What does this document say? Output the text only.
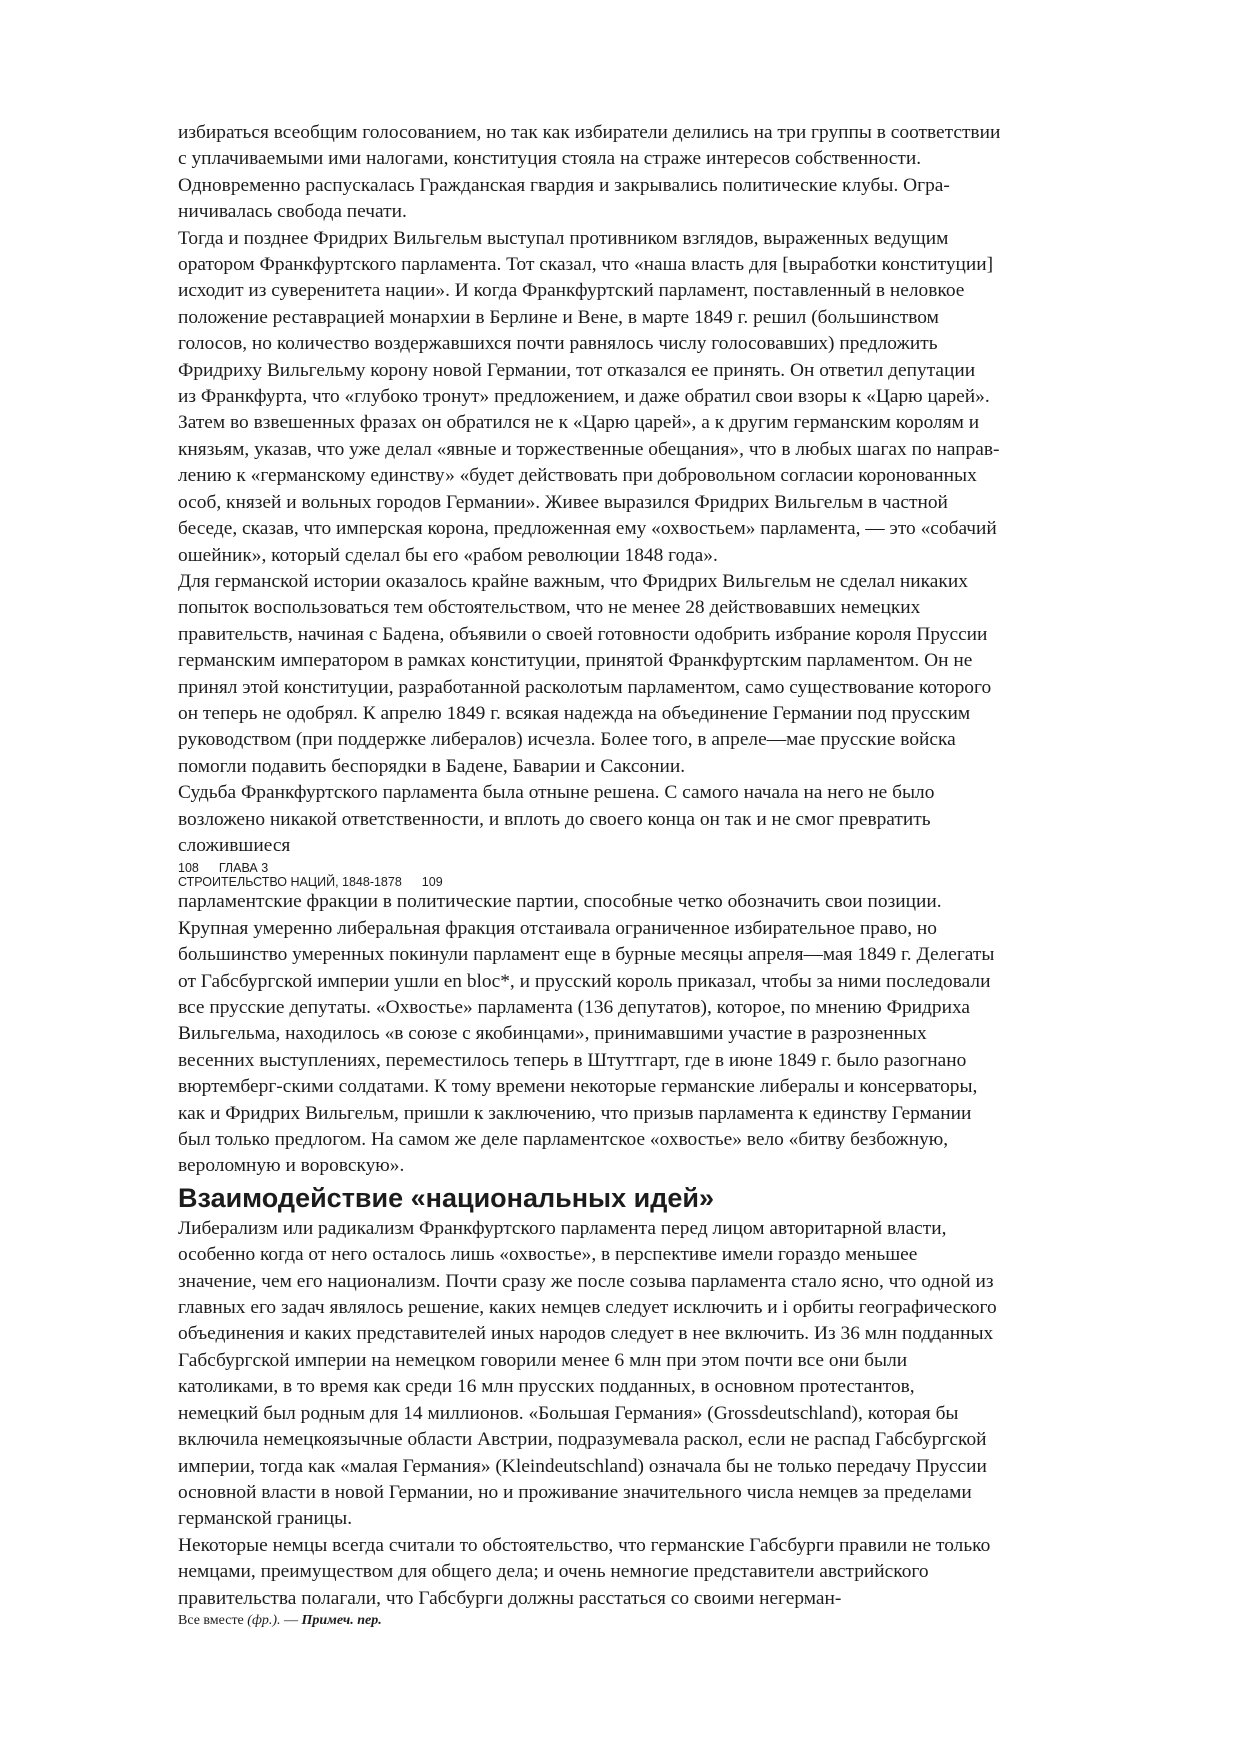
избираться всеобщим голосованием, но так как избиратели делились на три группы в соответствии
с уплачиваемыми ими налогами, конституция стояла на страже интересов собственности.
Одновременно распускалась Гражданская гвардия и закрывались политические клубы. Огра-
ничивалась свобода печати.
Тогда и позднее Фридрих Вильгельм выступал противником взглядов, выраженных ведущим
оратором Франкфуртского парламента. Тот сказал, что «наша власть для [выработки конституции]
исходит из суверенитета нации». И когда Франкфуртский парламент, поставленный в неловкое
положение реставрацией монархии в Берлине и Вене, в марте 1849 г. решил (большинством
голосов, но количество воздержавшихся почти равнялось числу голосовавших) предложить
Фридриху Вильгельму корону новой Германии, тот отказался ее принять. Он ответил депутации
из Франкфурта, что «глубоко тронут» предложением, и даже обратил свои взоры к «Царю царей».
Затем во взвешенных фразах он обратился не к «Царю царей», а к другим германским королям и
князьям, указав, что уже делал «явные и торжественные обещания», что в любых шагах по направ-
лению к «германскому единству» «будет действовать при добровольном согласии коронованных
особ, князей и вольных городов Германии». Живее выразился Фридрих Вильгельм в частной
беседе, сказав, что имперская корона, предложенная ему «охвостьем» парламента, — это «собачий
ошейник», который сделал бы его «рабом революции 1848 года».
Для германской истории оказалось крайне важным, что Фридрих Вильгельм не сделал никаких
попыток воспользоваться тем обстоятельством, что не менее 28 действовавших немецких
правительств, начиная с Бадена, объявили о своей готовности одобрить избрание короля Пруссии
германским императором в рамках конституции, принятой Франкфуртским парламентом. Он не
принял этой конституции, разработанной расколотым парламентом, само существование которого
он теперь не одобрял. К апрелю 1849 г. всякая надежда на объединение Германии под прусским
руководством (при поддержке либералов) исчезла. Более того, в апреле—мае прусские войска
помогли подавить беспорядки в Бадене, Баварии и Саксонии.
Судьба Франкфуртского парламента была отныне решена. С самого начала на него не было
возложено никакой ответственности, и вплоть до своего конца он так и не смог превратить
сложившиеся
108 ГЛАВА 3
СТРОИТЕЛЬСТВО НАЦИЙ, 1848-1878 109
парламентские фракции в политические партии, способные четко обозначить свои позиции.
Крупная умеренно либеральная фракция отстаивала ограниченное избирательное право, но
большинство умеренных покинули парламент еще в бурные месяцы апреля—мая 1849 г. Делегаты
от Габсбургской империи ушли en bloc*, и прусский король приказал, чтобы за ними последовали
все прусские депутаты. «Охвостье» парламента (136 депутатов), которое, по мнению Фридриха
Вильгельма, находилось «в союзе с якобинцами», принимавшими участие в разрозненных
весенних выступлениях, переместилось теперь в Штуттгарт, где в июне 1849 г. было разогнано
вюртемберг-скими солдатами. К тому времени некоторые германские либералы и консерваторы,
как и Фридрих Вильгельм, пришли к заключению, что призыв парламента к единству Германии
был только предлогом. На самом же деле парламентское «охвостье» вело «битву безбожную,
вероломную и воровскую».
Взаимодействие «национальных идей»
Либерализм или радикализм Франкфуртского парламента перед лицом авторитарной власти,
особенно когда от него осталось лишь «охвостье», в перспективе имели гораздо меньшее
значение, чем его национализм. Почти сразу же после созыва парламента стало ясно, что одной из
главных его задач являлось решение, каких немцев следует исключить и і орбиты географического
объединения и каких представителей иных народов следует в нее включить. Из 36 млн подданных
Габсбургской империи на немецком говорили менее 6 млн при этом почти все они были
католиками, в то время как среди 16 млн прусских подданных, в основном протестантов,
немецкий был родным для 14 миллионов. «Большая Германия» (Grossdeutschland), которая бы
включила немецкоязычные области Австрии, подразумевала раскол, если не распад Габсбургской
империи, тогда как «малая Германия» (Kleindeutschland) означала бы не только передачу Пруссии
основной власти в новой Германии, но и проживание значительного числа немцев за пределами
германской границы.
Некоторые немцы всегда считали то обстоятельство, что германские Габсбурги правили не только
немцами, преимуществом для общего дела; и очень немногие представители австрийского
правительства полагали, что Габсбурги должны расстаться со своими негерман-
Все вместе (фр.). — Примеч. пер.
